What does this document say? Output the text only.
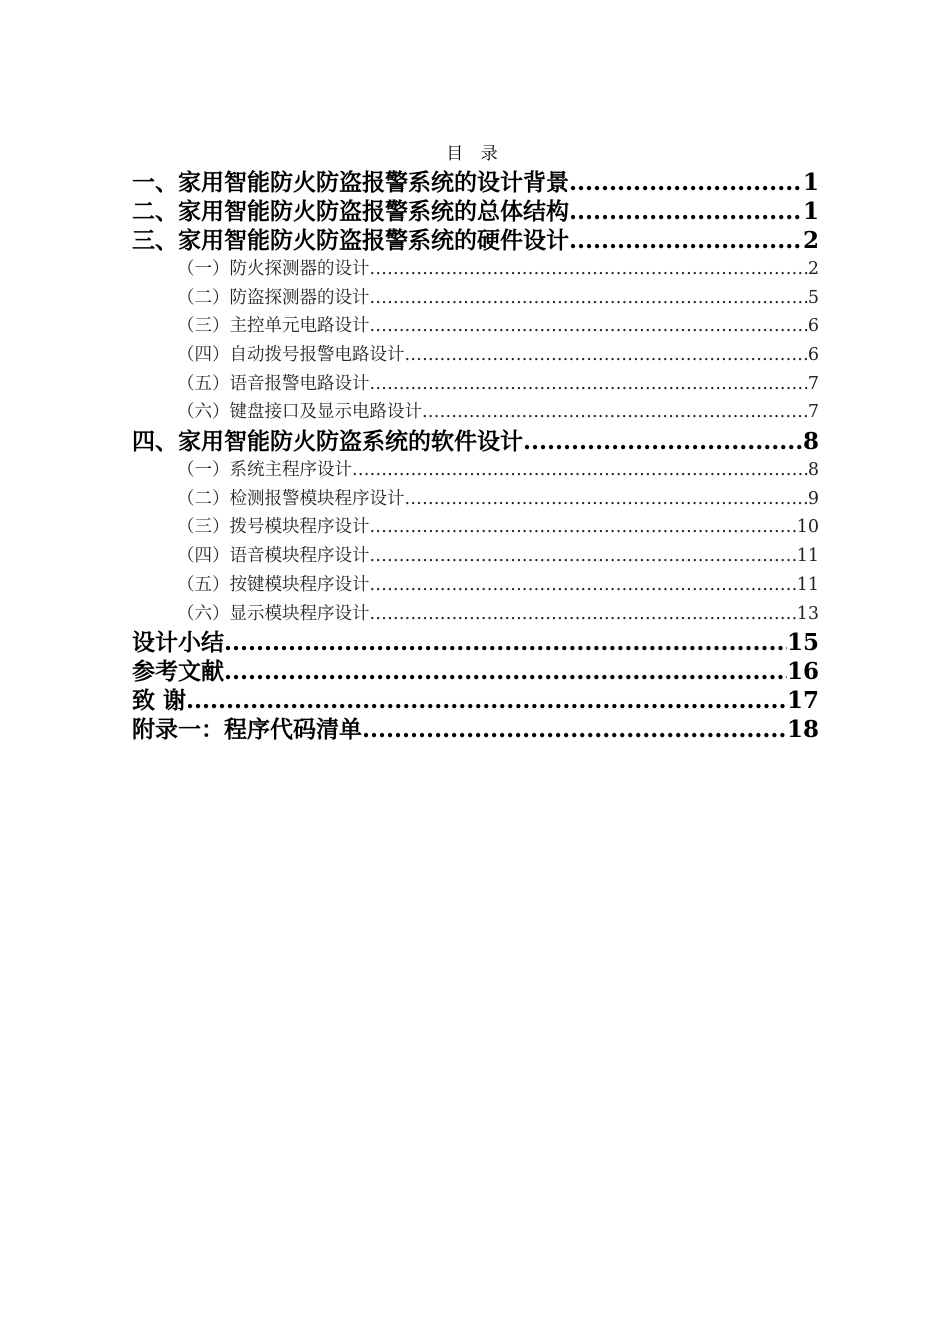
目 录
一、家用智能防火防盗报警系统的设计背景 .....	1
二、家用智能防火防盗报警系统的总体结构 .....	1
三、家用智能防火防盗报警系统的硬件设计 .....	2
（一）防火探测器的设计 .....	2
（二）防盗探测器的设计 .....	5
（三）主控单元电路设计 .....	6
（四）自动拨号报警电路设计 .....	6
（五）语音报警电路设计 .....	7
（六）键盘接口及显示电路设计 .....	7
四、家用智能防火防盗系统的软件设计 .....	8
（一）系统主程序设计 .....	8
（二）检测报警模块程序设计 .....	9
（三）拨号模块程序设计 .....	10
（四）语音模块程序设计 .....	11
（五）按键模块程序设计 .....	11
（六）显示模块程序设计 .....	13
设计小结 .....	15
参考文献 .....	16
致 谢 .....	17
附录一：程序代码清单 .....	18
